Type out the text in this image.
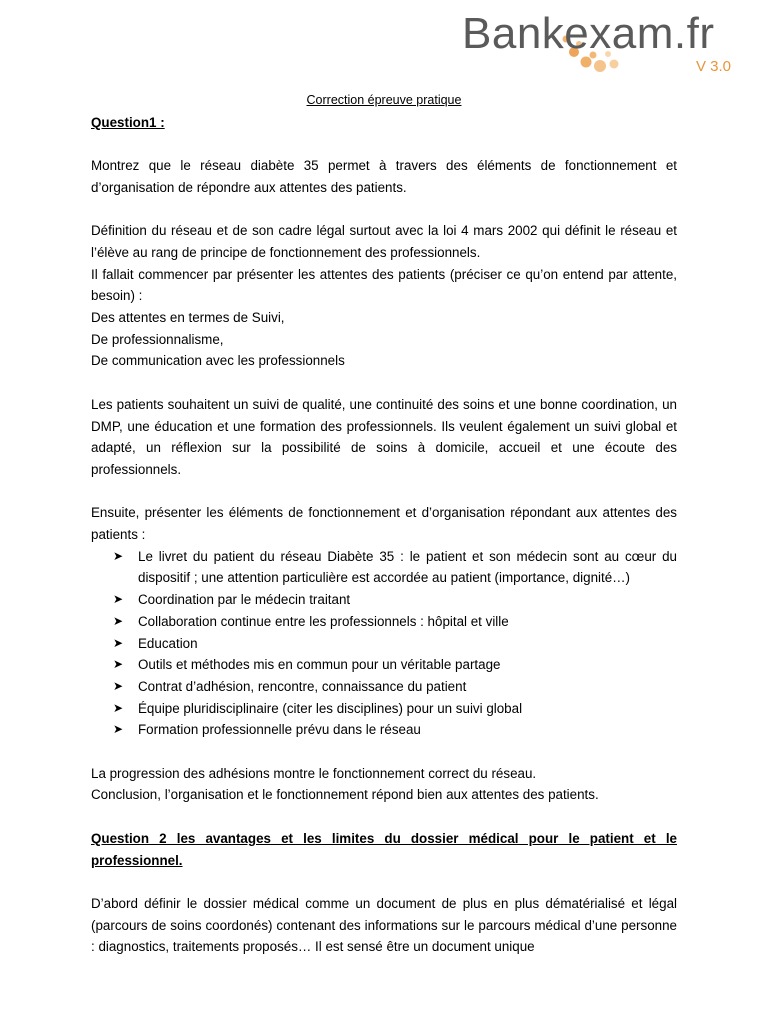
Bankexam.fr
V 3.0

Correction épreuve pratique

Question1 :

Montrez que le réseau diabète 35 permet à travers des éléments de fonctionnement et d’organisation de répondre aux attentes des patients.

Définition du réseau et de son cadre légal surtout avec la loi 4 mars 2002 qui définit le réseau et l’élève au rang de principe de fonctionnement des professionnels.

Il fallait commencer par présenter les attentes des patients (préciser ce qu’on entend par attente, besoin) :

Des attentes en termes de Suivi,

De professionnalisme,

De communication avec les professionnels

Les patients souhaitent un suivi de qualité, une continuité des soins et une bonne coordination, un DMP, une éducation et une formation des professionnels. Ils veulent également un suivi global et adapté, un réflexion sur la possibilité de soins à domicile, accueil et une écoute des professionnels.

Ensuite, présenter les éléments de fonctionnement et d’organisation répondant aux attentes des patients :

➤ Le livret du patient du réseau Diabète 35 : le patient et son médecin sont au cœur du dispositif ; une attention particulière est accordée au patient (importance, dignité…)
➤ Coordination par le médecin traitant
➤ Collaboration continue entre les professionnels : hôpital et ville
➤ Education
➤ Outils et méthodes mis en commun pour un véritable partage
➤ Contrat d’adhésion, rencontre, connaissance du patient
➤ Équipe pluridisciplinaire (citer les disciplines) pour un suivi global
➤ Formation professionnelle prévu dans le réseau

La progression des adhésions montre le fonctionnement correct du réseau.

Conclusion, l’organisation et le fonctionnement répond bien aux attentes des patients.

Question 2 les avantages et les limites du dossier médical pour le patient et le professionnel.

D’abord définir le dossier médical comme un document de plus en plus dématérialisé et légal (parcours de soins coordonés) contenant des informations sur le parcours médical d’une personne : diagnostics, traitements proposés… Il est sensé être un document unique
